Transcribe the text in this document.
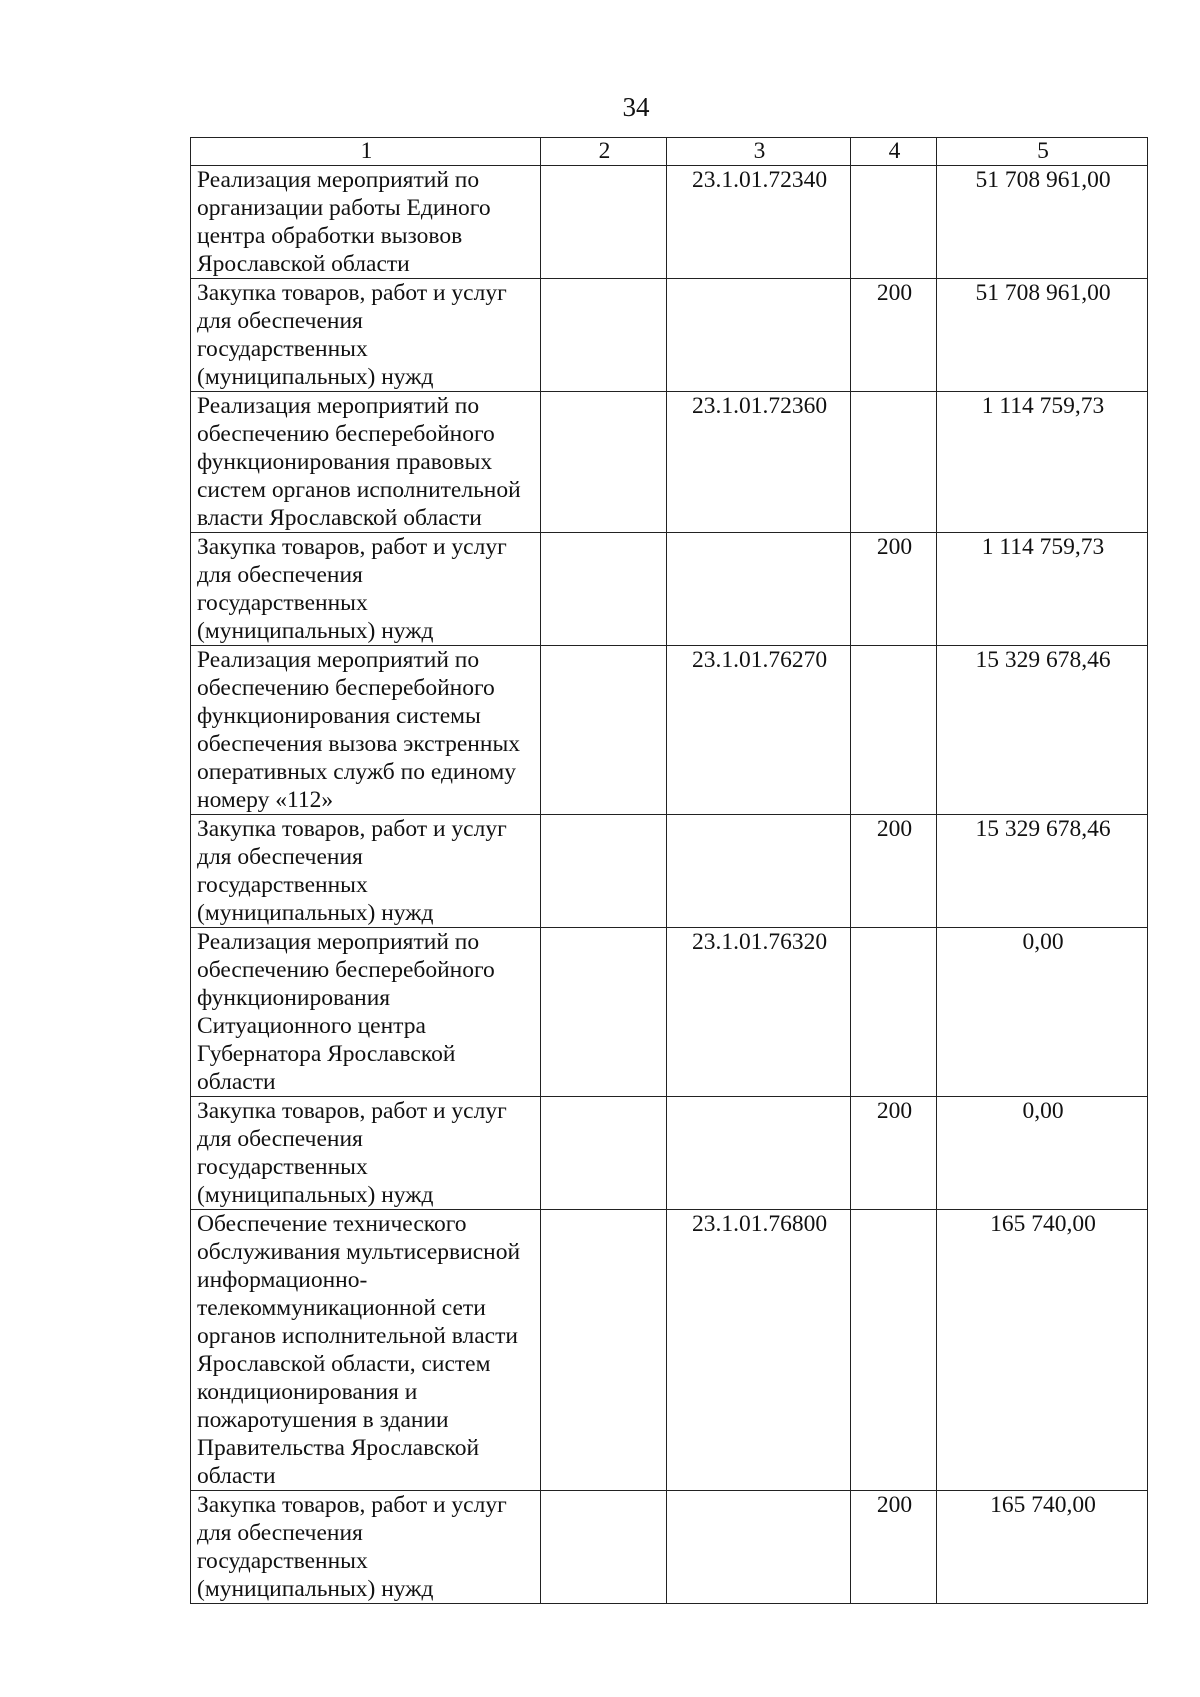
34
1	2	3	4	5
Реализация мероприятий по организации работы Единого центра обработки вызовов Ярославской области		23.1.01.72340		51 708 961,00
Закупка товаров, работ и услуг для обеспечения государственных (муниципальных) нужд			200	51 708 961,00
Реализация мероприятий по обеспечению бесперебойного функционирования правовых систем органов исполнительной власти Ярославской области		23.1.01.72360		1 114 759,73
Закупка товаров, работ и услуг для обеспечения государственных (муниципальных) нужд			200	1 114 759,73
Реализация мероприятий по обеспечению бесперебойного функционирования системы обеспечения вызова экстренных оперативных служб по единому номеру «112»		23.1.01.76270		15 329 678,46
Закупка товаров, работ и услуг для обеспечения государственных (муниципальных) нужд			200	15 329 678,46
Реализация мероприятий по обеспечению бесперебойного функционирования Ситуационного центра Губернатора Ярославской области		23.1.01.76320		0,00
Закупка товаров, работ и услуг для обеспечения государственных (муниципальных) нужд			200	0,00
Обеспечение технического обслуживания мультисервисной информационно-телекоммуникационной сети органов исполнительной власти Ярославской области, систем кондиционирования и пожаротушения в здании Правительства Ярославской области		23.1.01.76800		165 740,00
Закупка товаров, работ и услуг для обеспечения государственных (муниципальных) нужд			200	165 740,00
